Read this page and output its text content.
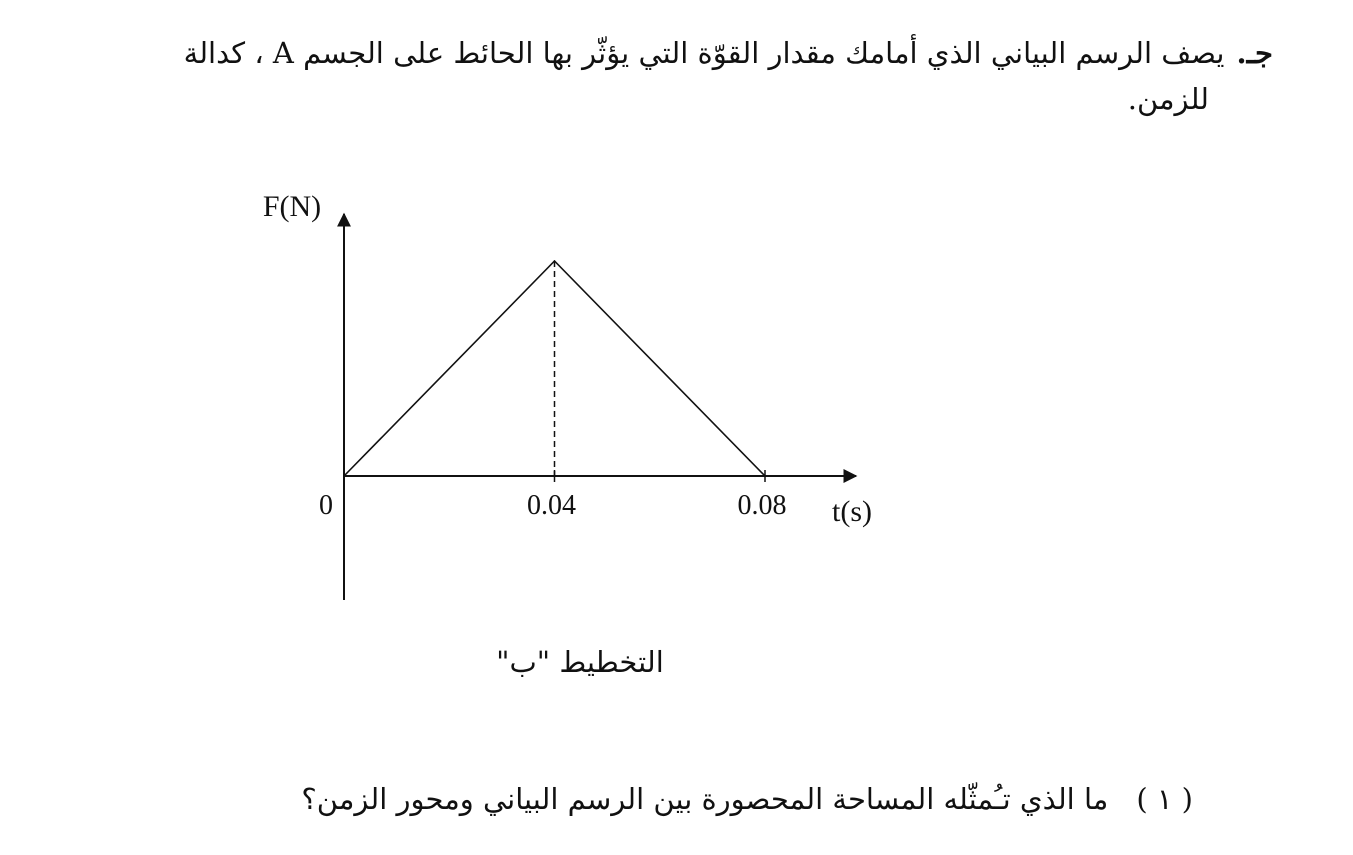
جـ.يصف الرسم البياني الذي أمامك مقدار القوّة التي يؤثّر بها الحائط على الجسم A ، كدالة
للزمن.
0	0.04	0.08
F(N)
t(s)
التخطيط "ب"
( ١ )ما الذي تـُمثّله المساحة المحصورة بين الرسم البياني ومحور الزمن؟
